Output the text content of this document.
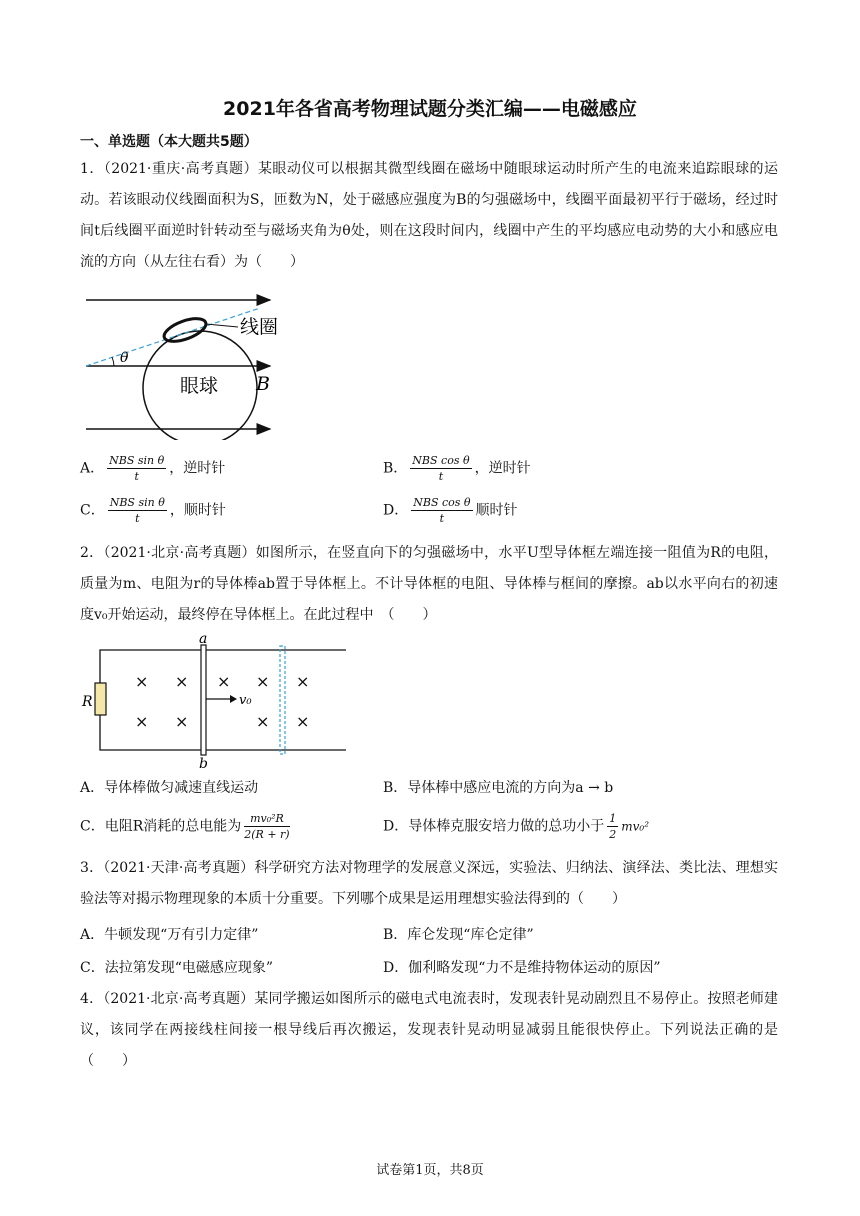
2021年各省高考物理试题分类汇编——电磁感应
一、单选题（本大题共5题）
1．（2021·重庆·高考真题）某眼动仪可以根据其微型线圈在磁场中随眼球运动时所产生的电流来追踪眼球的运动。若该眼动仪线圈面积为S，匝数为N，处于磁感应强度为B的匀强磁场中，线圈平面最初平行于磁场，经过时间t后线圈平面逆时针转动至与磁场夹角为θ处，则在这段时间内，线圈中产生的平均感应电动势的大小和感应电流的方向（从左往右看）为（　　）
θ
线圈
眼球 B
A． $\frac{\text{NBS sin θ}}{t}$ ，逆时针	B． $\frac{\text{NBS cos θ}}{t}$ ，逆时针
C． $\frac{\text{NBS sin θ}}{t}$ ，顺时针	D． $\frac{\text{NBS cos θ}}{t}$ 顺时针
2．（2021·北京·高考真题）如图所示，在竖直向下的匀强磁场中，水平U型导体框左端连接一阻值为R的电阻，质量为m、电阻为r的导体棒ab置于导体框上。不计导体框的电阻、导体棒与框间的摩擦。ab以水平向右的初速度v₀开始运动，最终停在导体框上。在此过程中　（　　）
R
a
b
v₀
× × × × ×
× ×	× ×
A．导体棒做匀减速直线运动	B．导体棒中感应电流的方向为a → b
C．电阻R消耗的总电能为 $\frac{\text{mv₀²R}}{2(R + r)}$	D．导体棒克服安培力做的总功小于 $\frac{1}{2} mv_0^2$
3．（2021·天津·高考真题）科学研究方法对物理学的发展意义深远，实验法、归纳法、演绎法、类比法、理想实验法等对揭示物理现象的本质十分重要。下列哪个成果是运用理想实验法得到的（　　）
A．牛顿发现“万有引力定律”	B．库仑发现“库仑定律”
C．法拉第发现“电磁感应现象”	D．伽利略发现“力不是维持物体运动的原因”
4．（2021·北京·高考真题）某同学搬运如图所示的磁电式电流表时，发现表针晃动剧烈且不易停止。按照老师建议，该同学在两接线柱间接一根导线后再次搬运，发现表针晃动明显减弱且能很快停止。下列说法正确的是（　　）
试卷第1页，共8页
